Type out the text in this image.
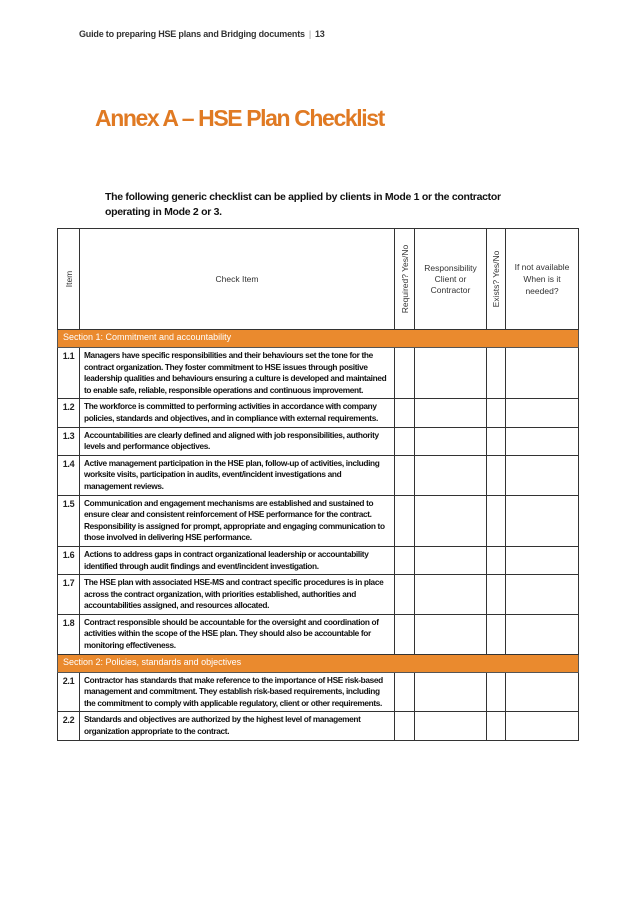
Guide to preparing HSE plans and Bridging documents | 13
Annex A – HSE Plan Checklist
The following generic checklist can be applied by clients in Mode 1 or the contractor operating in Mode 2 or 3.
Item	Check Item	Required? Yes/No	Responsibility Client or Contractor	Exists? Yes/No	If not available When is it needed?
Section 1: Commitment and accountability					
1.1	Managers have specific responsibilities and their behaviours set the tone for the contract organization. They foster commitment to HSE issues through positive leadership qualities and behaviours ensuring a culture is developed and maintained to enable safe, reliable, responsible operations and continuous improvement.				
1.2	The workforce is committed to performing activities in accordance with company policies, standards and objectives, and in compliance with external requirements.				
1.3	Accountabilities are clearly defined and aligned with job responsibilities, authority levels and performance objectives.				
1.4	Active management participation in the HSE plan, follow-up of activities, including worksite visits, participation in audits, event/incident investigations and management reviews.				
1.5	Communication and engagement mechanisms are established and sustained to ensure clear and consistent reinforcement of HSE performance for the contract. Responsibility is assigned for prompt, appropriate and engaging communication to those involved in delivering HSE performance.				
1.6	Actions to address gaps in contract organizational leadership or accountability identified through audit findings and event/incident investigation.				
1.7	The HSE plan with associated HSE-MS and contract specific procedures is in place across the contract organization, with priorities established, authorities and accountabilities assigned, and resources allocated.				
1.8	Contract responsible should be accountable for the oversight and coordination of activities within the scope of the HSE plan. They should also be accountable for monitoring effectiveness.				
Section 2: Policies, standards and objectives					
2.1	Contractor has standards that make reference to the importance of HSE risk-based management and commitment. They establish risk-based requirements, including the commitment to comply with applicable regulatory, client or other requirements.				
2.2	Standards and objectives are authorized by the highest level of management organization appropriate to the contract.				
